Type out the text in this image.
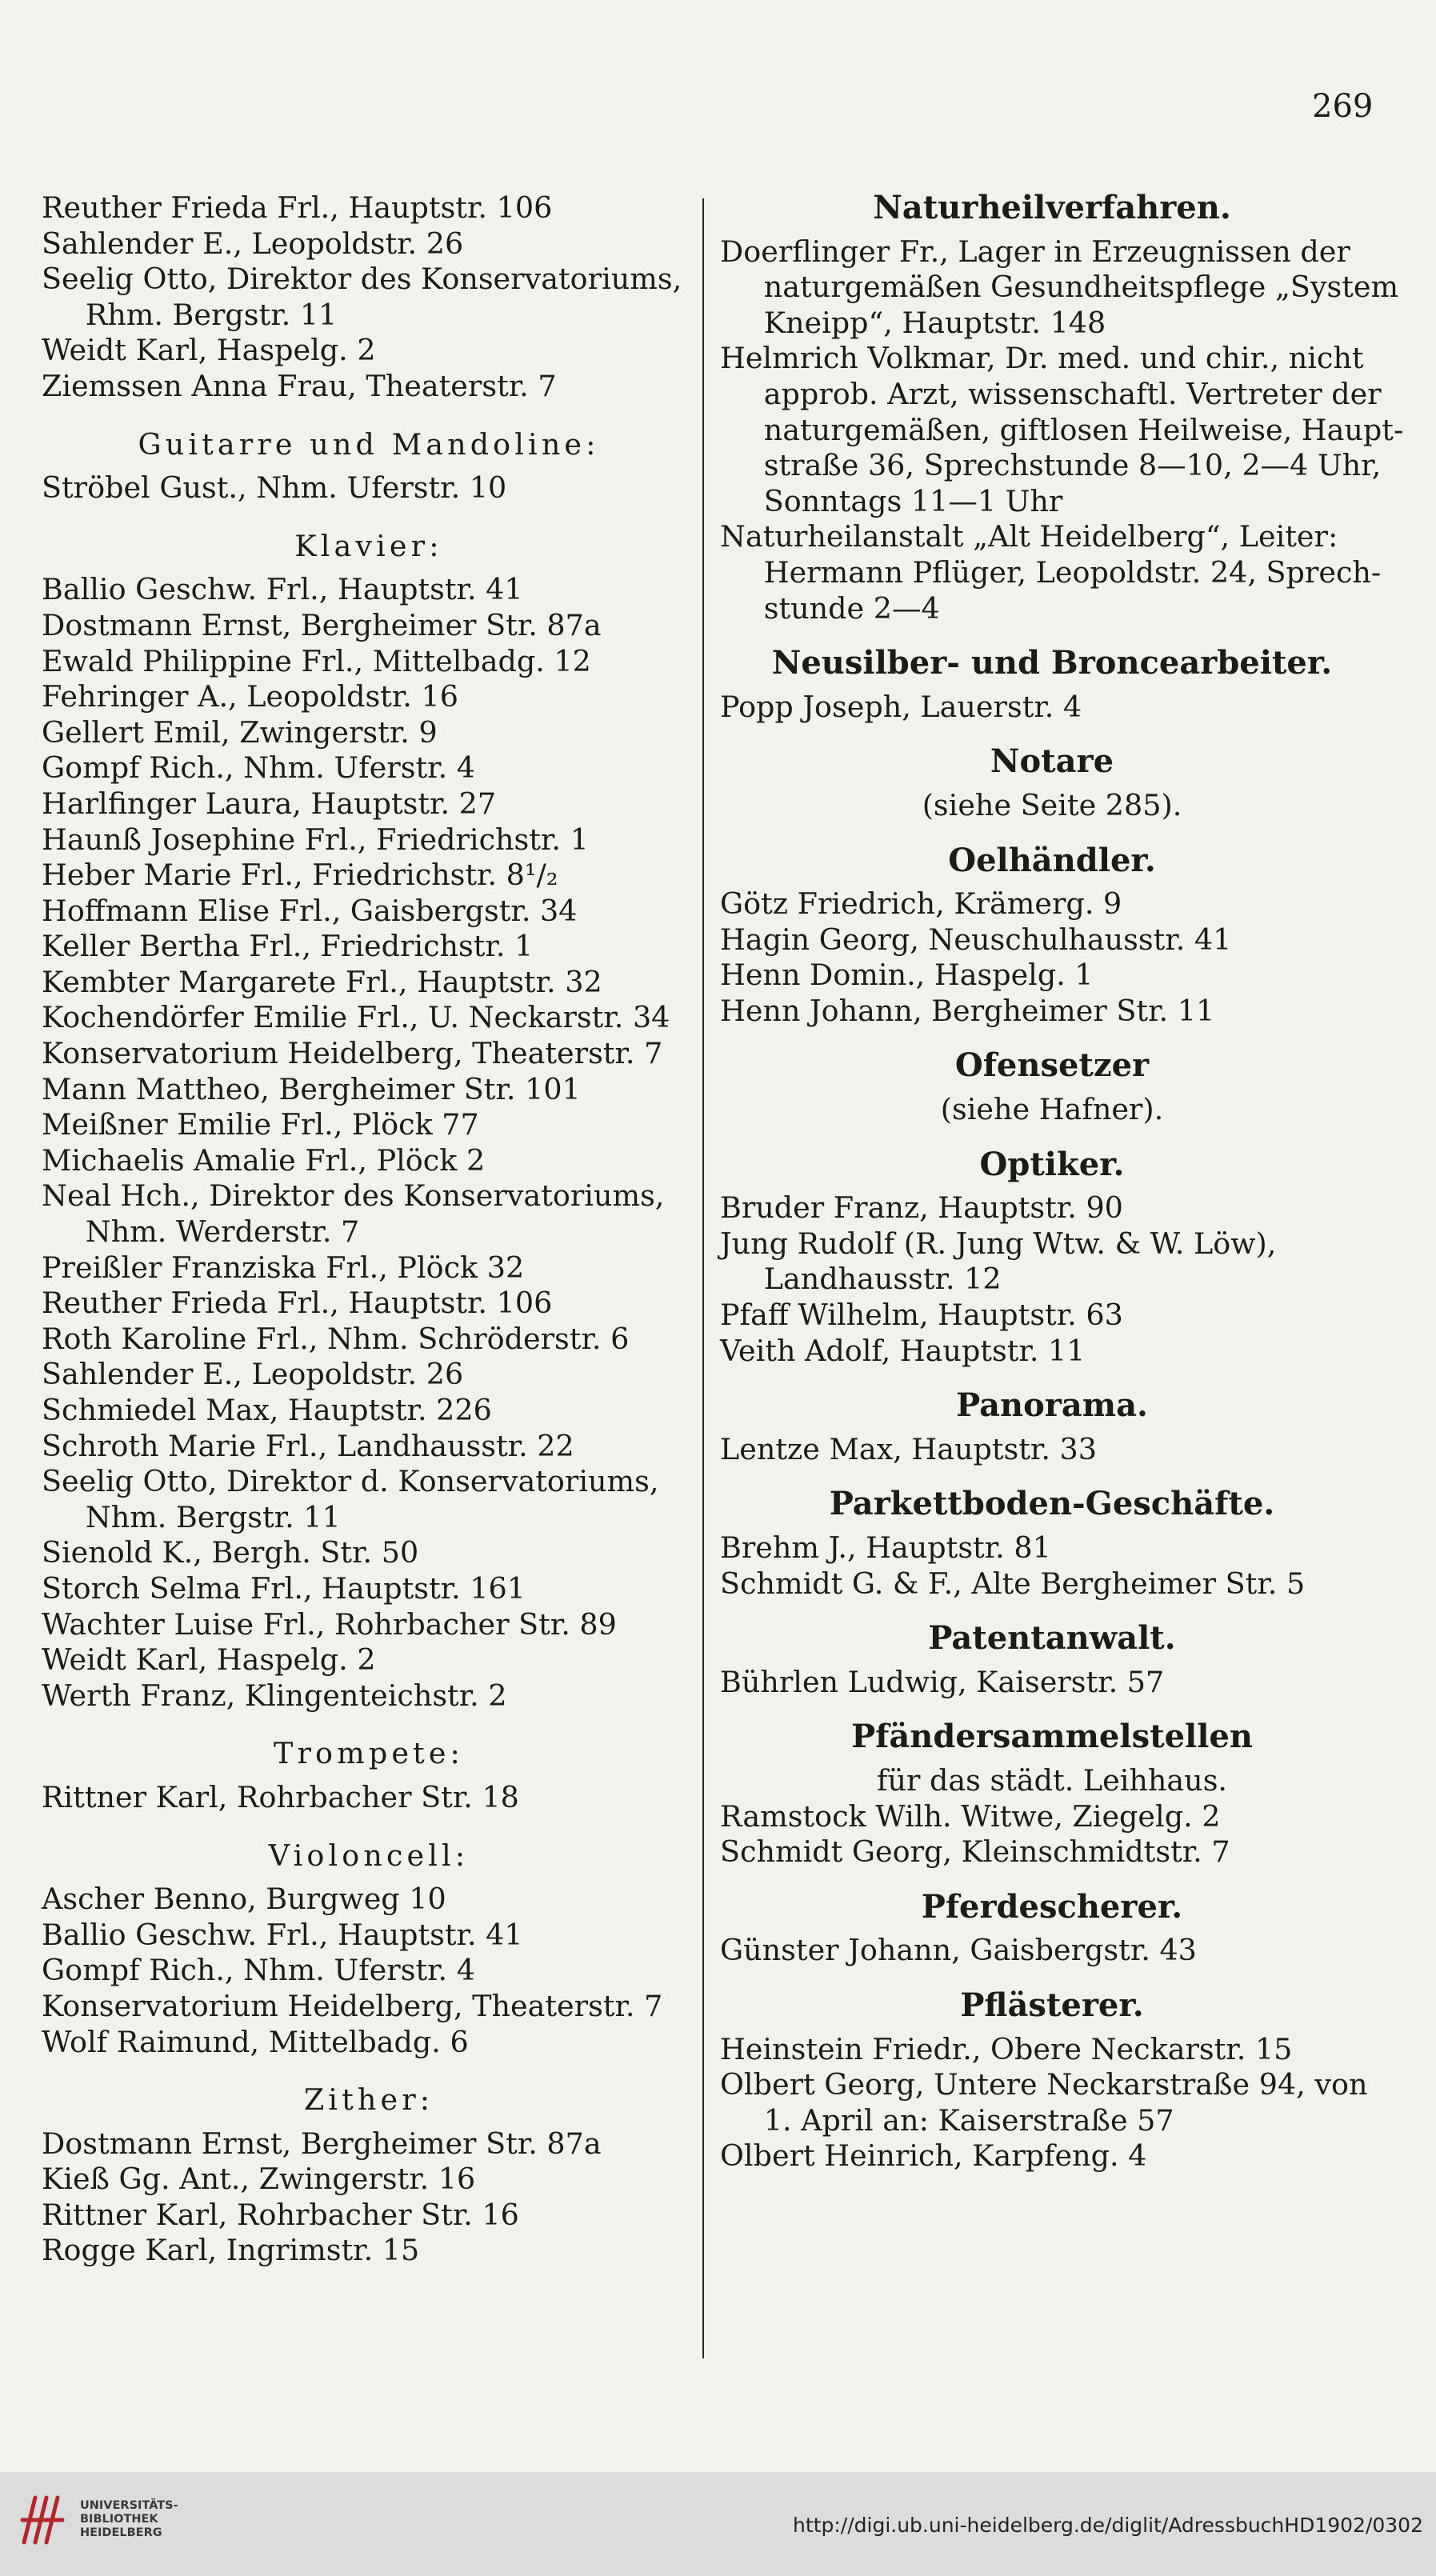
269
Reuther Frieda Frl., Hauptstr. 106
Sahlender E., Leopoldstr. 26
Seelig Otto, Direktor des Konservatoriums,
Rhm. Bergstr. 11
Weidt Karl, Haspelg. 2
Ziemssen Anna Frau, Theaterstr. 7
Guitarre und Mandoline:
Ströbel Gust., Nhm. Uferstr. 10
Klavier:
Ballio Geschw. Frl., Hauptstr. 41
Dostmann Ernst, Bergheimer Str. 87a
Ewald Philippine Frl., Mittelbadg. 12
Fehringer A., Leopoldstr. 16
Gellert Emil, Zwingerstr. 9
Gompf Rich., Nhm. Uferstr. 4
Harlfinger Laura, Hauptstr. 27
Haunß Josephine Frl., Friedrichstr. 1
Heber Marie Frl., Friedrichstr. 8¹/₂
Hoffmann Elise Frl., Gaisbergstr. 34
Keller Bertha Frl., Friedrichstr. 1
Kembter Margarete Frl., Hauptstr. 32
Kochendörfer Emilie Frl., U. Neckarstr. 34
Konservatorium Heidelberg, Theaterstr. 7
Mann Mattheo, Bergheimer Str. 101
Meißner Emilie Frl., Plöck 77
Michaelis Amalie Frl., Plöck 2
Neal Hch., Direktor des Konservatoriums,
Nhm. Werderstr. 7
Preißler Franziska Frl., Plöck 32
Reuther Frieda Frl., Hauptstr. 106
Roth Karoline Frl., Nhm. Schröderstr. 6
Sahlender E., Leopoldstr. 26
Schmiedel Max, Hauptstr. 226
Schroth Marie Frl., Landhausstr. 22
Seelig Otto, Direktor d. Konservatoriums,
Nhm. Bergstr. 11
Sienold K., Bergh. Str. 50
Storch Selma Frl., Hauptstr. 161
Wachter Luise Frl., Rohrbacher Str. 89
Weidt Karl, Haspelg. 2
Werth Franz, Klingenteichstr. 2
Trompete:
Rittner Karl, Rohrbacher Str. 18
Violoncell:
Ascher Benno, Burgweg 10
Ballio Geschw. Frl., Hauptstr. 41
Gompf Rich., Nhm. Uferstr. 4
Konservatorium Heidelberg, Theaterstr. 7
Wolf Raimund, Mittelbadg. 6
Zither:
Dostmann Ernst, Bergheimer Str. 87a
Kieß Gg. Ant., Zwingerstr. 16
Rittner Karl, Rohrbacher Str. 16
Rogge Karl, Ingrimstr. 15
Naturheilverfahren.
Doerflinger Fr., Lager in Erzeugnissen der
naturgemäßen Gesundheitspflege „System
Kneipp“, Hauptstr. 148
Helmrich Volkmar, Dr. med. und chir., nicht
approb. Arzt, wissenschaftl. Vertreter der
naturgemäßen, giftlosen Heilweise, Haupt-
straße 36, Sprechstunde 8—10, 2—4 Uhr,
Sonntags 11—1 Uhr
Naturheilanstalt „Alt Heidelberg“, Leiter:
Hermann Pflüger, Leopoldstr. 24, Sprech-
stunde 2—4
Neusilber- und Broncearbeiter.
Popp Joseph, Lauerstr. 4
Notare
(siehe Seite 285).
Oelhändler.
Götz Friedrich, Krämerg. 9
Hagin Georg, Neuschulhausstr. 41
Henn Domin., Haspelg. 1
Henn Johann, Bergheimer Str. 11
Ofensetzer
(siehe Hafner).
Optiker.
Bruder Franz, Hauptstr. 90
Jung Rudolf (R. Jung Wtw. & W. Löw),
Landhausstr. 12
Pfaff Wilhelm, Hauptstr. 63
Veith Adolf, Hauptstr. 11
Panorama.
Lentze Max, Hauptstr. 33
Parkettboden-Geschäfte.
Brehm J., Hauptstr. 81
Schmidt G. & F., Alte Bergheimer Str. 5
Patentanwalt.
Bührlen Ludwig, Kaiserstr. 57
Pfändersammelstellen
für das städt. Leihhaus.
Ramstock Wilh. Witwe, Ziegelg. 2
Schmidt Georg, Kleinschmidtstr. 7
Pferdescherer.
Günster Johann, Gaisbergstr. 43
Pflästerer.
Heinstein Friedr., Obere Neckarstr. 15
Olbert Georg, Untere Neckarstraße 94, von
1. April an: Kaiserstraße 57
Olbert Heinrich, Karpfeng. 4
UNIVERSITÄTS-
BIBLIOTHEK
HEIDELBERG	http://digi.ub.uni-heidelberg.de/diglit/AdressbuchHD1902/0302
